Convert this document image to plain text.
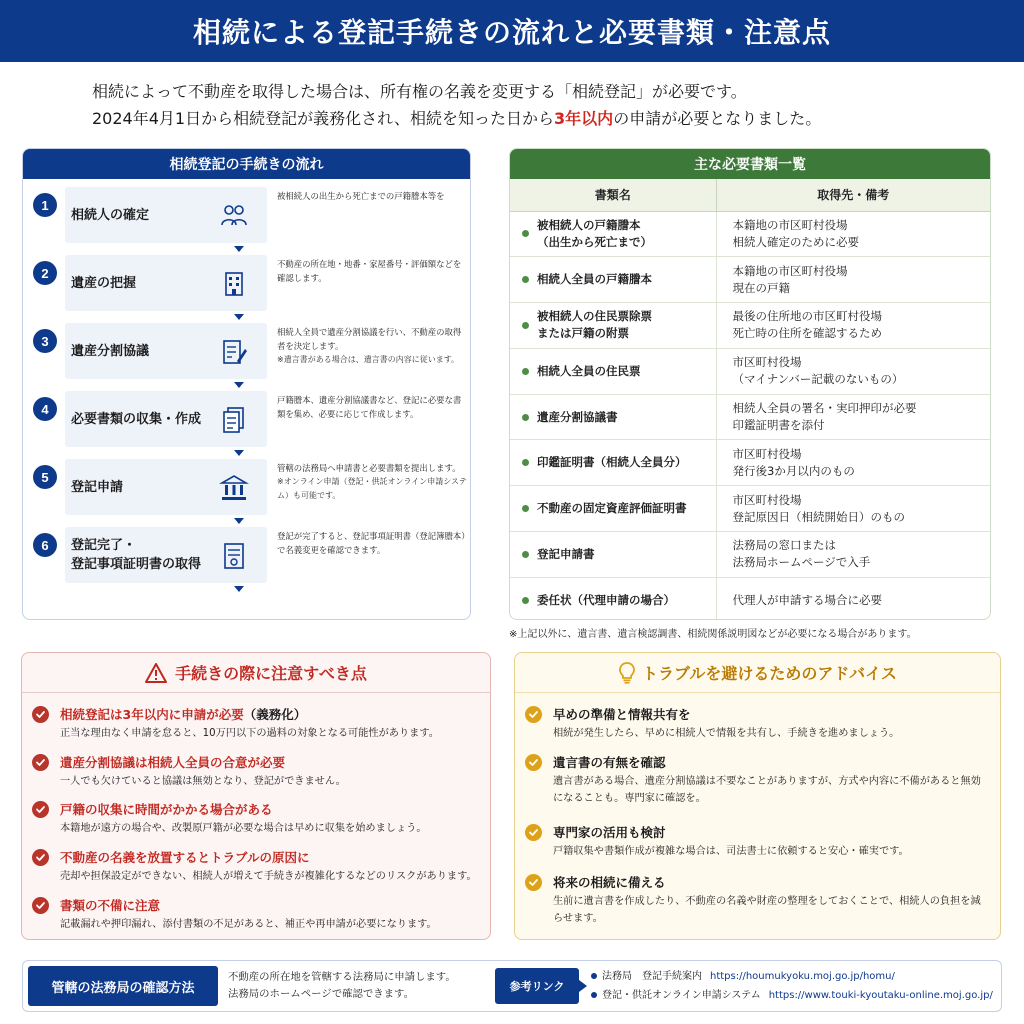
相続による登記手続きの流れと必要書類・注意点
相続によって不動産を取得した場合は、所有権の名義を変更する「相続登記」が必要です。
2024年4月1日から相続登記が義務化され、相続を知った日から3年以内の申請が必要となりました。
相続登記の手続きの流れ
1
相続人の確定
被相続人の出生から死亡までの戸籍謄本等を
2
遺産の把握
不動産の所在地・地番・家屋番号・評価額などを確認します。
3
遺産分割協議
相続人全員で遺産分割協議を行い、不動産の取得者を決定します。
※遺言書がある場合は、遺言書の内容に従います。
4
必要書類の収集・作成
戸籍謄本、遺産分割協議書など、登記に必要な書類を集め、必要に応じて作成します。
5
登記申請
管轄の法務局へ申請書と必要書類を提出します。
※オンライン申請（登記・供託オンライン申請システム）も可能です。
6	登記完了・
登記事項証明書の取得
登記が完了すると、登記事項証明書（登記簿謄本）で名義変更を確認できます。
主な必要書類一覧
書類名	取得先・備考
被相続人の戸籍謄本
（出生から死亡まで）	本籍地の市区町村役場
相続人確定のために必要
相続人全員の戸籍謄本	本籍地の市区町村役場
現在の戸籍
被相続人の住民票除票
または戸籍の附票	最後の住所地の市区町村役場
死亡時の住所を確認するため
相続人全員の住民票	市区町村役場
（マイナンバー記載のないもの）
遺産分割協議書	相続人全員の署名・実印押印が必要
印鑑証明書を添付
印鑑証明書（相続人全員分）	市区町村役場
発行後3か月以内のもの
不動産の固定資産評価証明書	市区町村役場
登記原因日（相続開始日）のもの
登記申請書	法務局の窓口または
法務局ホームページで入手
委任状（代理申請の場合）	代理人が申請する場合に必要
※上記以外に、遺言書、遺言検認調書、相続関係説明図などが必要になる場合があります。
手続きの際に注意すべき点
相続登記は3年以内に申請が必要（義務化）
正当な理由なく申請を怠ると、10万円以下の過料の対象となる可能性があります。
遺産分割協議は相続人全員の合意が必要
一人でも欠けていると協議は無効となり、登記ができません。
戸籍の収集に時間がかかる場合がある
本籍地が遠方の場合や、改製原戸籍が必要な場合は早めに収集を始めましょう。
不動産の名義を放置するとトラブルの原因に
売却や担保設定ができない、相続人が増えて手続きが複雑化するなどのリスクがあります。
書類の不備に注意
記載漏れや押印漏れ、添付書類の不足があると、補正や再申請が必要になります。
トラブルを避けるためのアドバイス
早めの準備と情報共有を
相続が発生したら、早めに相続人で情報を共有し、手続きを進めましょう。
遺言書の有無を確認
遺言書がある場合、遺産分割協議は不要なことがありますが、方式や内容に不備があると無効になることも。専門家に確認を。
専門家の活用も検討
戸籍収集や書類作成が複雑な場合は、司法書士に依頼すると安心・確実です。
将来の相続に備える
生前に遺言書を作成したり、不動産の名義や財産の整理をしておくことで、相続人の負担を減らせます。
管轄の法務局の確認方法
不動産の所在地を管轄する法務局に申請します。
法務局のホームページで確認できます。
参考リンク
法務局　登記手続案内 https://houmukyoku.moj.go.jp/homu/
登記・供託オンライン申請システム https://www.touki-kyoutaku-online.moj.go.jp/
